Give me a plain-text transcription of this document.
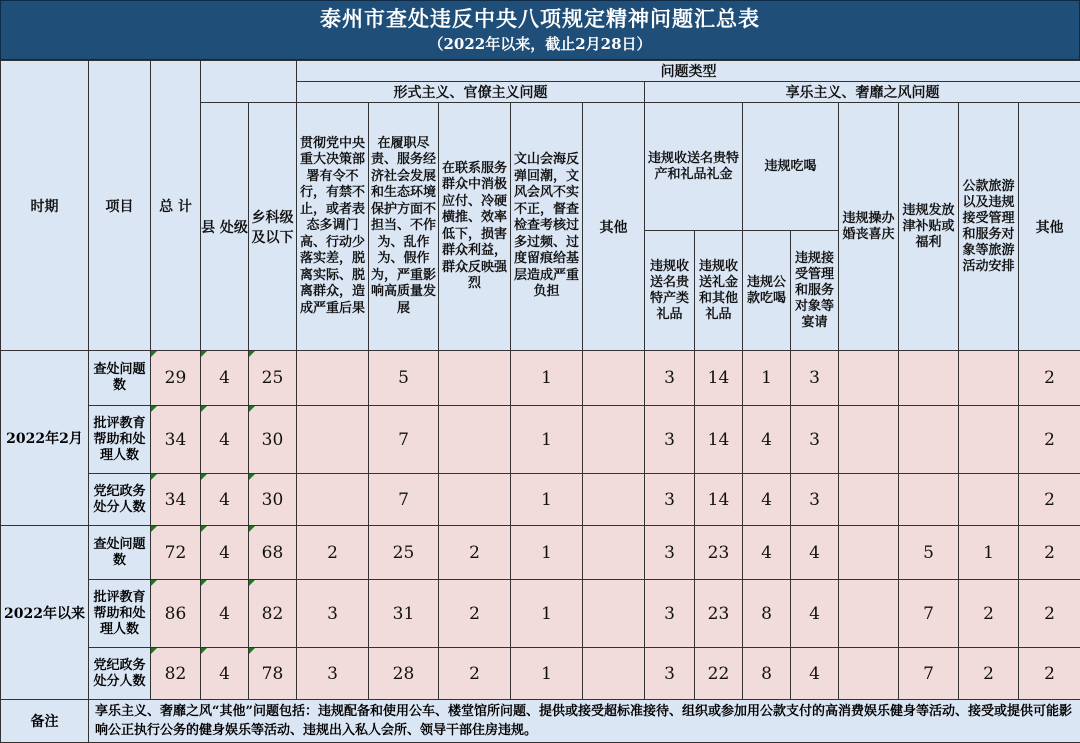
泰州市查处违反中央八项规定精神问题汇总表
（2022年以来，截止2月28日）
时期	项目	总 计			问题类型												
					形式主义、官僚主义问题					享乐主义、奢靡之风问题							
			县 处级	乡科级及以下	贯彻党中央重大决策部署有令不行，有禁不止，或者表态多调门高、行动少落实差，脱离实际、脱离群众，造成严重后果	在履职尽责、服务经济社会发展和生态环境保护方面不担当、不作为、乱作为、假作为，严重影响高质量发展	在联系服务群众中消极应付、冷硬横推、效率低下，损害群众利益，群众反映强烈	文山会海反弹回潮，文风会风不实不正，督查检查考核过多过频、过度留痕给基层造成严重负担	其他	违规收送名贵特产和礼品礼金		违规吃喝		违规操办婚丧喜庆	违规发放津补贴或福利	公款旅游以及违规接受管理和服务对象等旅游活动安排	其他
										违规收送名贵特产类礼品	违规收送礼金和其他礼品	违规公款吃喝	违规接受管理和服务对象等宴请				
2022年2月	查处问题数	29	4	25		5		1		3	14	1	3				2
	批评教育帮助和处理人数	34	4	30		7		1		3	14	4	3				2
	党纪政务处分人数	34	4	30		7		1		3	14	4	3				2
2022年以来	查处问题数	72	4	68	2	25	2	1		3	23	4	4		5	1	2
	批评教育帮助和处理人数	86	4	82	3	31	2	1		3	23	8	4		7	2	2
	党纪政务处分人数	82	4	78	3	28	2	1		3	22	8	4		7	2	2
备注	享乐主义、奢靡之风“其他”问题包括：违规配备和使用公车、楼堂馆所问题、提供或接受超标准接待、组织或参加用公款支付的高消费娱乐健身等活动、接受或提供可能影响公正执行公务的健身娱乐等活动、违规出入私人会所、领导干部住房违规。																
